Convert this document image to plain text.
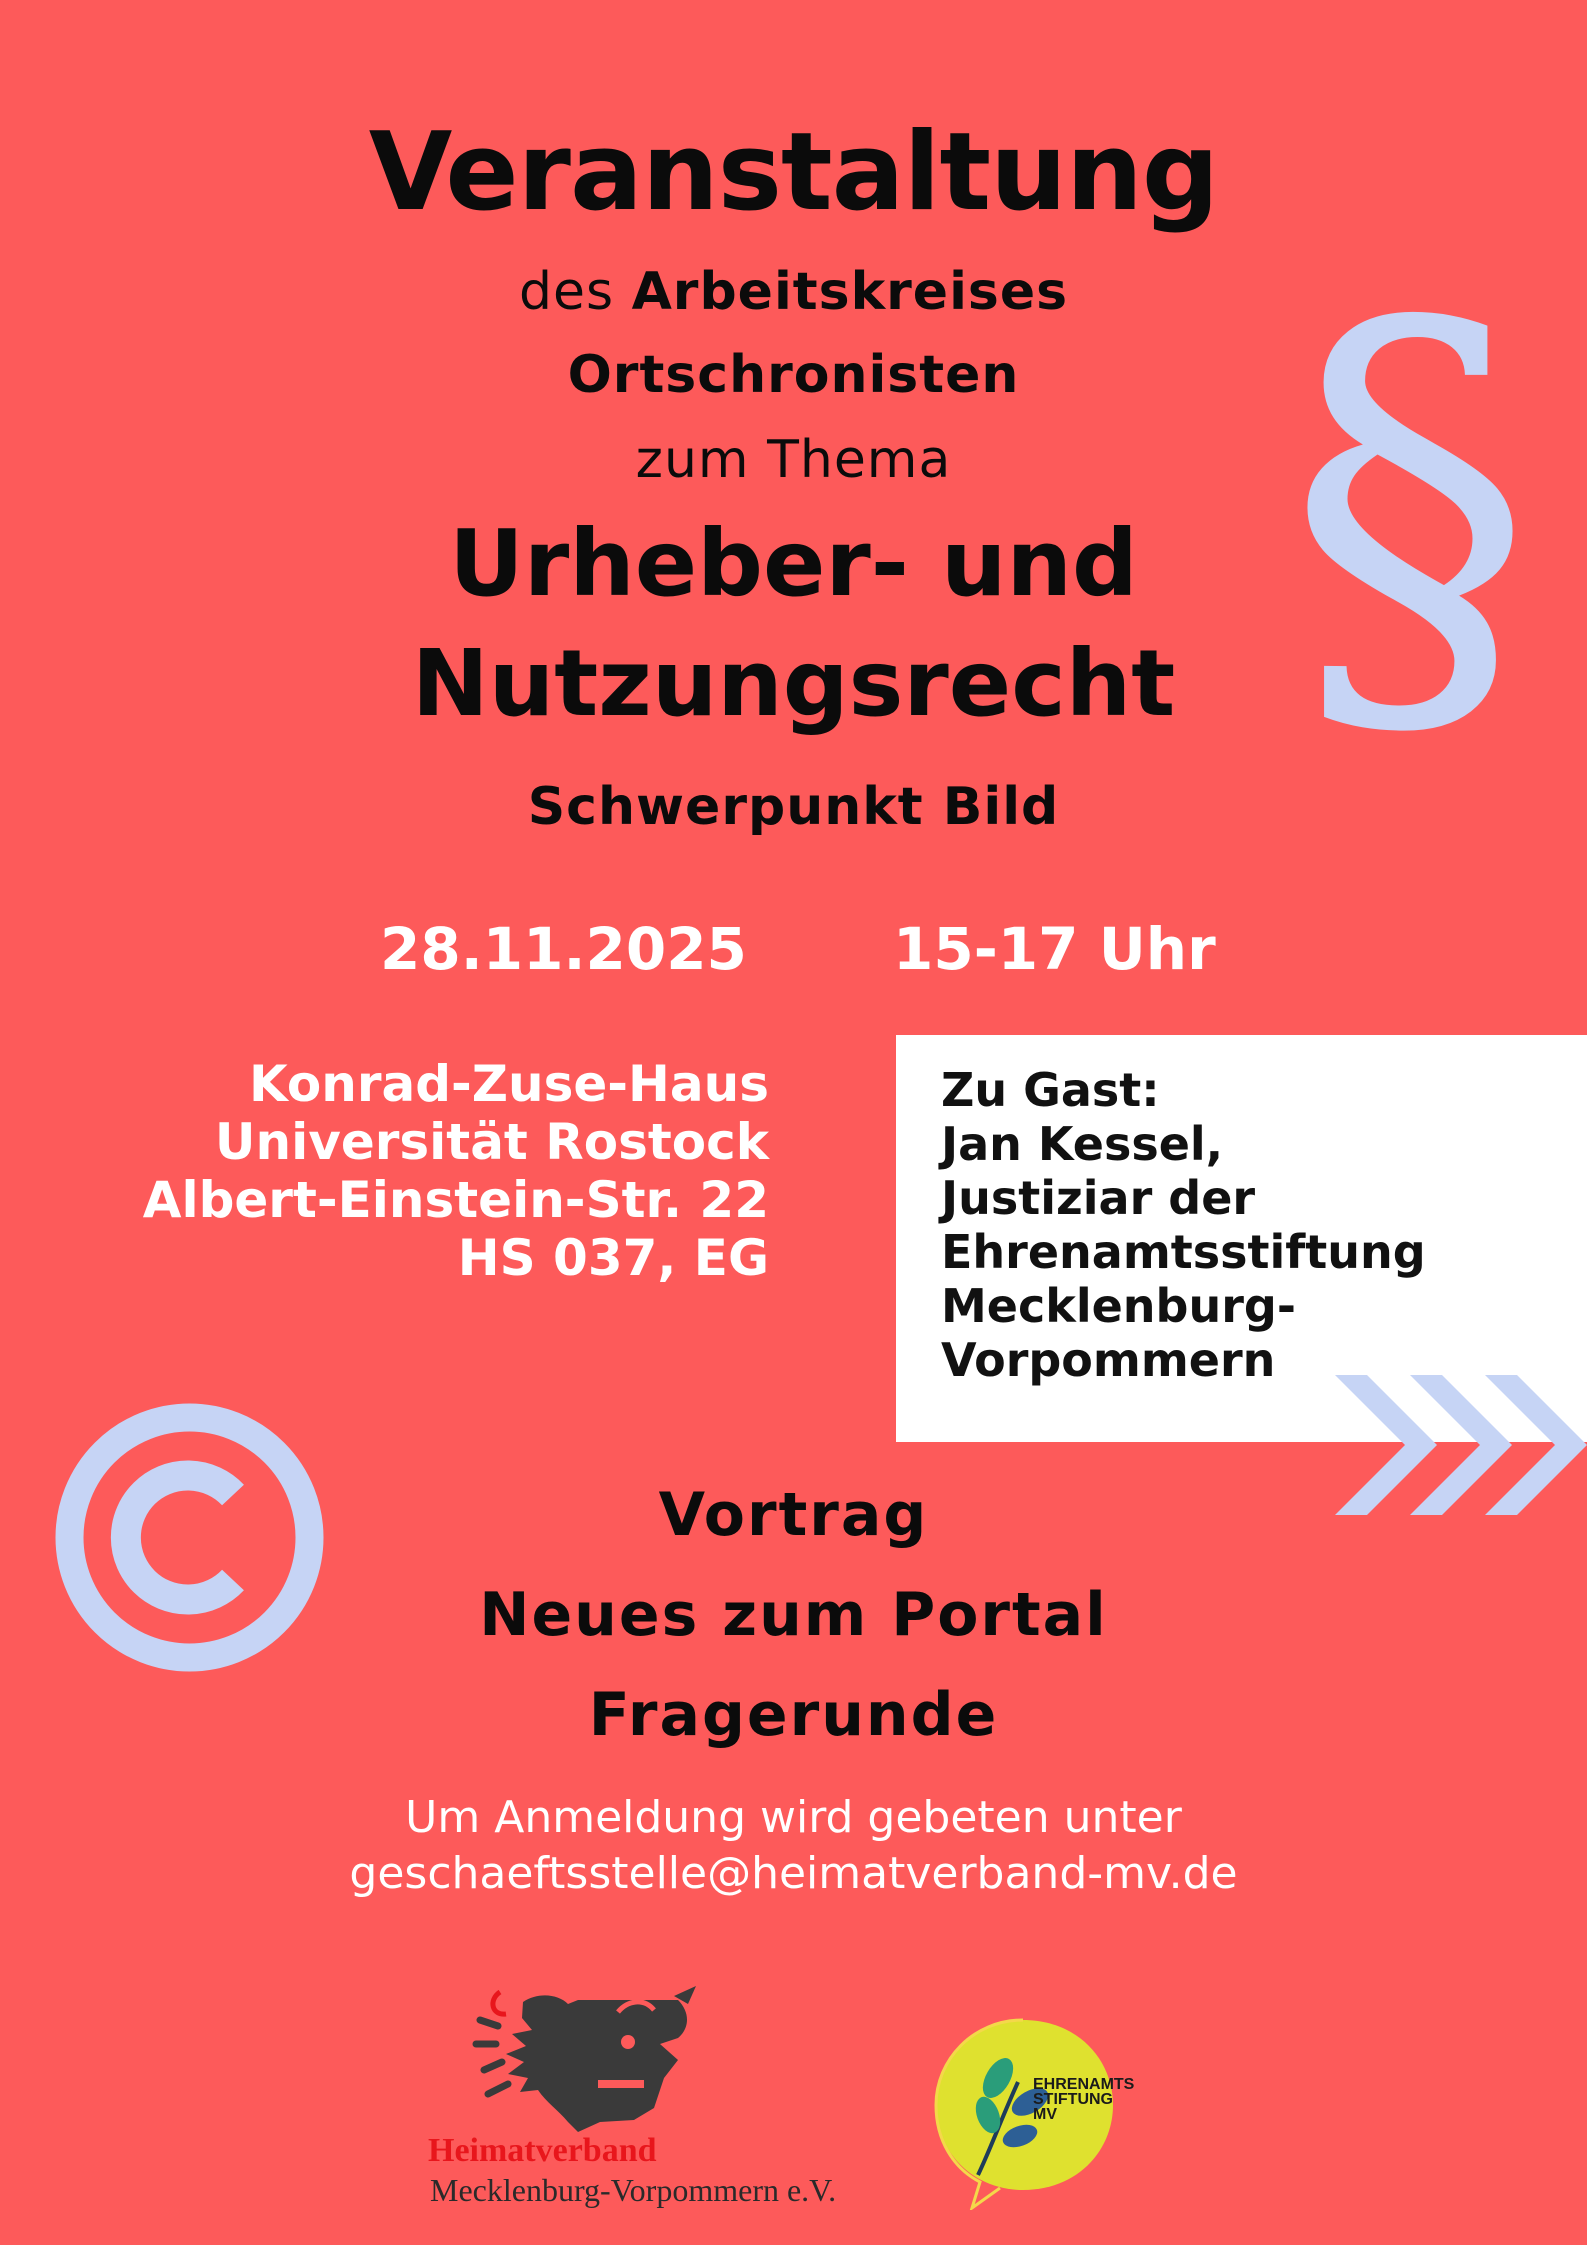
Veranstaltung
des Arbeitskreises
Ortschronisten
zum Thema
Urheber- und
Nutzungsrecht
Schwerpunkt Bild
§
28.11.2025	15-17 Uhr
Konrad-Zuse-Haus
Universität Rostock
Albert-Einstein-Str. 22
HS 037, EG
Zu Gast:
Jan Kessel,
Justiziar der
Ehrenamtsstiftung
Mecklenburg-
Vorpommern
Vortrag
Neues zum Portal
Fragerunde
Um Anmeldung wird gebeten unter
geschaeftsstelle@heimatverband-mv.de
Heimatverband
Mecklenburg-Vorpommern e.V.
EHRENAMTS
STIFTUNG
MV
